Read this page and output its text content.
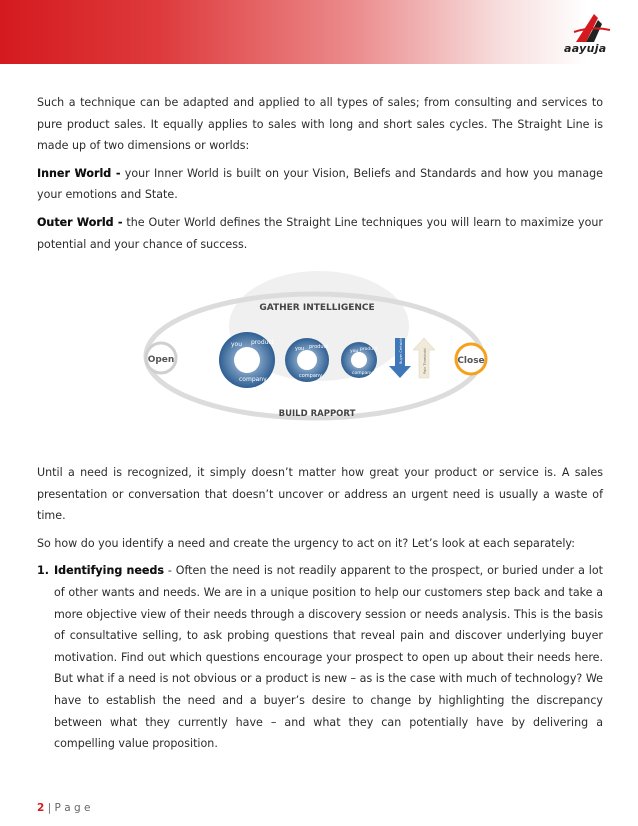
aayuja

Such a technique can be adapted and applied to all types of sales; from consulting and services to pure product sales. It equally applies to sales with long and short sales cycles. The Straight Line is made up of two dimensions or worlds:

Inner World - your Inner World is built on your Vision, Beliefs and Standards and how you manage your emotions and State.

Outer World - the Outer World defines the Straight Line techniques you will learn to maximize your potential and your chance of success.

Open
you product
company
you product
company
you product
company
Buyer Certainty	Pain Threshold	Close
GATHER INTELLIGENCE
BUILD RAPPORT

Until a need is recognized, it simply doesn’t matter how great your product or service is. A sales presentation or conversation that doesn’t uncover or address an urgent need is usually a waste of time.

So how do you identify a need and create the urgency to act on it? Let’s look at each separately:

1. Identifying needs - Often the need is not readily apparent to the prospect, or buried under a lot of other wants and needs. We are in a unique position to help our customers step back and take a more objective view of their needs through a discovery session or needs analysis. This is the basis of consultative selling, to ask probing questions that reveal pain and discover underlying buyer motivation. Find out which questions encourage your prospect to open up about their needs here. But what if a need is not obvious or a product is new – as is the case with much of technology? We have to establish the need and a buyer’s desire to change by highlighting the discrepancy between what they currently have – and what they can potentially have by delivering a compelling value proposition.

2 | P a g e
